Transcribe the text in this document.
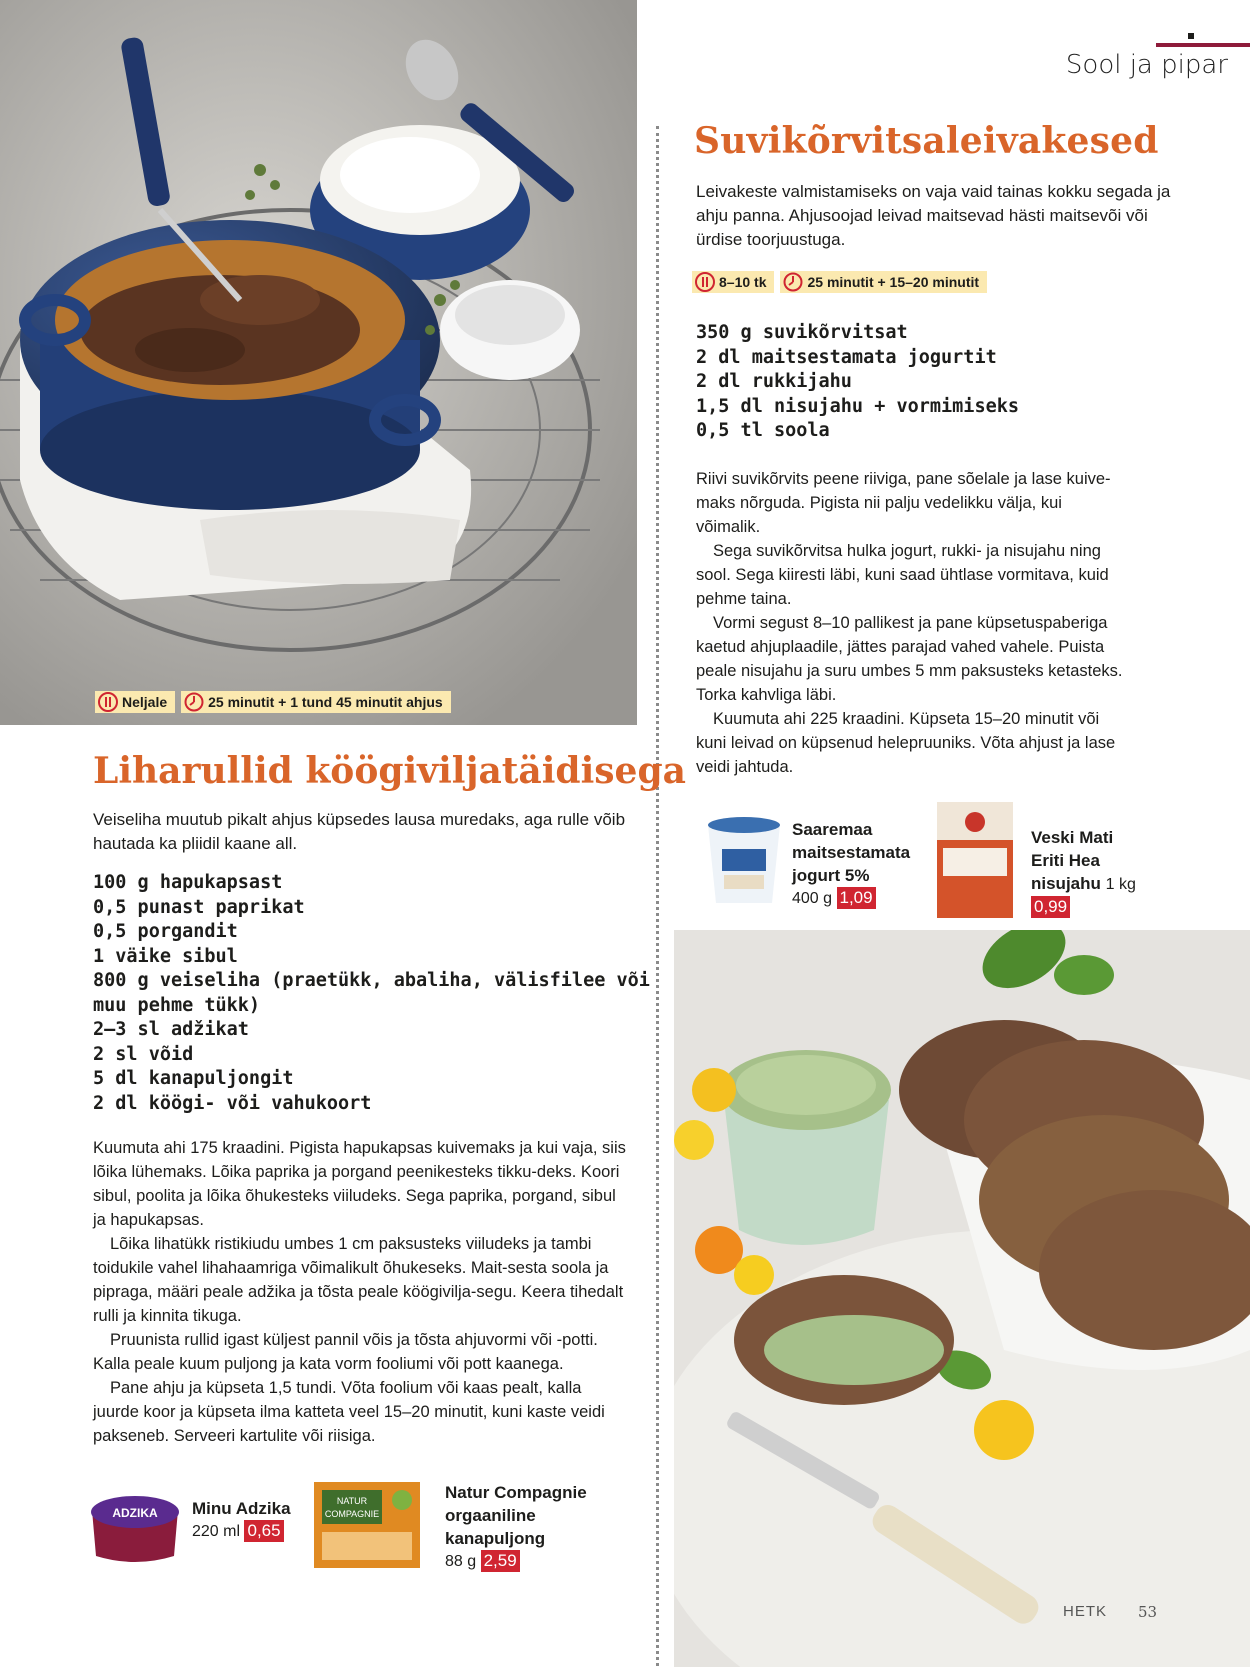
Sool ja pipar
Suvikõrvitsaleivakesed

Leivakeste valmistamiseks on vaja vaid tainas kokku segada ja ahju panna. Ahjusoojad leivad maitsevad hästi maitsevõi või ürdise toorjuustuga.

8–10 tk	25 minutit + 15–20 minutit
350 g suvikõrvitsat
2 dl maitsestamata jogurtit
2 dl rukkijahu
1,5 dl nisujahu + vormimiseks
0,5 tl soola

Riivi suvikõrvits peene riiviga, pane sõelale ja lase kuive-maks nõrguda. Pigista nii palju vedelikku välja, kui võimalik.

Sega suvikõrvitsa hulka jogurt, rukki- ja nisujahu ning sool. Sega kiiresti läbi, kuni saad ühtlase vormitava, kuid pehme taina.

Vormi segust 8–10 pallikest ja pane küpsetuspaberiga kaetud ahjuplaadile, jättes parajad vahed vahele. Puista peale nisujahu ja suru umbes 5 mm paksusteks ketasteks. Torka kahvliga läbi.

Kuumuta ahi 225 kraadini. Küpseta 15–20 minutit või kuni leivad on küpsenud helepruuniks. Võta ahjust ja lase veidi jahtuda.

Saaremaa
maitsestamata
jogurt 5%
400 g 1,09
Veski Mati
Eriti Hea
nisujahu 1 kg
0,99
Neljale	25 minutit + 1 tund 45 minutit ahjus
Liharullid köögiviljatäidisega

Veiseliha muutub pikalt ahjus küpsedes lausa muredaks, aga rulle võib hautada ka pliidil kaane all.

100 g hapukapsast
0,5 punast paprikat
0,5 porgandit
1 väike sibul
800 g veiseliha (praetükk, abaliha, välisfilee või
muu pehme tükk)
2–3 sl adžikat
2 sl võid
5 dl kanapuljongit
2 dl köögi- või vahukoort

Kuumuta ahi 175 kraadini. Pigista hapukapsas kuivemaks ja kui vaja, siis lõika lühemaks. Lõika paprika ja porgand peenikesteks tikku-deks. Koori sibul, poolita ja lõika õhukesteks viiludeks. Sega paprika, porgand, sibul ja hapukapsas.

Lõika lihatükk ristikiudu umbes 1 cm paksusteks viiludeks ja tambi toidukile vahel lihahaamriga võimalikult õhukeseks. Mait-sesta soola ja pipraga, määri peale adžika ja tõsta peale köögivilja-segu. Keera tihedalt rulli ja kinnita tikuga.

Pruunista rullid igast küljest pannil võis ja tõsta ahjuvormi või -potti. Kalla peale kuum puljong ja kata vorm fooliumi või pott kaanega.

Pane ahju ja küpseta 1,5 tundi. Võta foolium või kaas pealt, kalla juurde koor ja küpseta ilma katteta veel 15–20 minutit, kuni kaste veidi pakseneb. Serveeri kartulite või riisiga.

ADZIKA Minu Adzika
220 ml 0,65
NATUR
COMPAGNIE
Natur Compagnie
orgaaniline
kanapuljong
88 g 2,59
HETK 53
